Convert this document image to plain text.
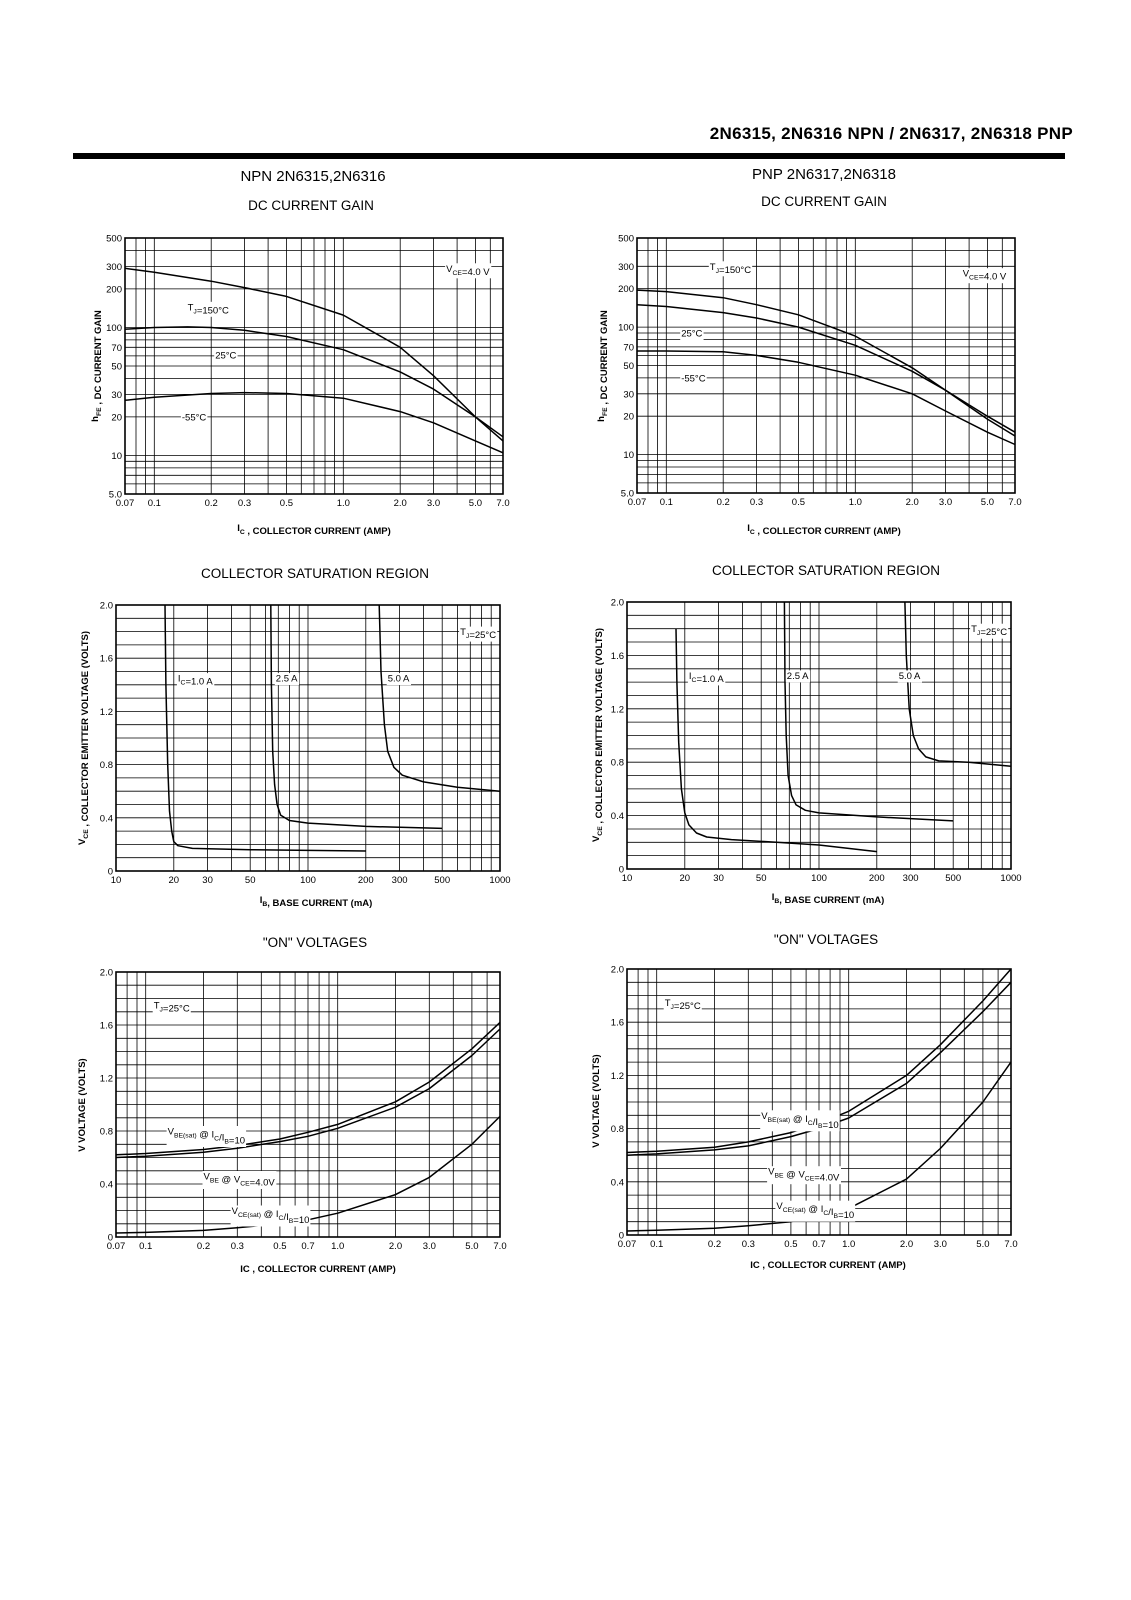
2N6315, 2N6316 NPN / 2N6317, 2N6318 PNP
NPN 2N6315,2N6316	PNP 2N6317,2N6318
DC CURRENT GAIN	DC CURRENT GAIN
COLLECTOR SATURATION REGION	COLLECTOR SATURATION REGION
"ON" VOLTAGES	"ON" VOLTAGES
0.07 0.1	0.2 0.3	0.5	1.0	2.0 3.0	5.0 7.0
5.0
10
20
30
50
70
100
200
300
500
$I_C$ , COLLECTOR CURRENT (AMP)
$h_{FE}$ , DC CURRENT GAIN
$V_{CE}=4.0$ V
$T_J=150^\circ C$
25°C
-55°C
0.07 0.1	0.2 0.3	0.5	1.0	2.0 3.0	5.0 7.0
5.0
10
20
30
50
70
100
200
300
500
$I_C$ , COLLECTOR CURRENT (AMP)
$h_{FE}$ , DC CURRENT GAIN
$T_J=150^\circ C$	$V_{CE}=4.0$ V
25°C
-55°C
10	20 30	50	100	200 300	500	1000
0
0.4
0.8
1.2
1.6
2.0
$I_B$, BASE CURRENT (mA)
$V_{CE}$ , COLLECTOR EMITTER VOLTAGE (VOLTS)	$T_J=25^\circ C$
$I_C=1.0$ A	2.5 A	5.0 A
10	20 30	50	100	200 300	500	1000
0
0.4
0.8
1.2
1.6
2.0
$I_B$, BASE CURRENT (mA)
$V_{CE}$ , COLLECTOR EMITTER VOLTAGE (VOLTS)	$T_J=25^\circ C$
$I_C=1.0$ A	2.5 A	5.0 A
0.07 0.1	0.2 0.3	0.5 0.7 1.0	2.0 3.0	5.0 7.0
0
0.4
0.8
1.2
1.6
2.0
IC , COLLECTOR CURRENT (AMP)
V VOLTAGE (VOLTS)
$T_J=25^\circ C$
$V_{BE(sat)}$ @ $I_C/I_B=10$
$V_{BE}$ @ $V_{CE}=4.0V$
$V_{CE(sat)}$ @ $I_C/I_B=10$
0.07 0.1	0.2 0.3	0.5 0.7 1.0	2.0 3.0	5.0 7.0
0
0.4
0.8
1.2
1.6
2.0
IC , COLLECTOR CURRENT (AMP)
V VOLTAGE (VOLTS)
$T_J=25^\circ C$
$V_{BE(sat)}$ @ $I_C/I_B=10$
$V_{BE}$ @ $V_{CE}=4.0V$
$V_{CE(sat)}$ @ $I_C/I_B=10$
